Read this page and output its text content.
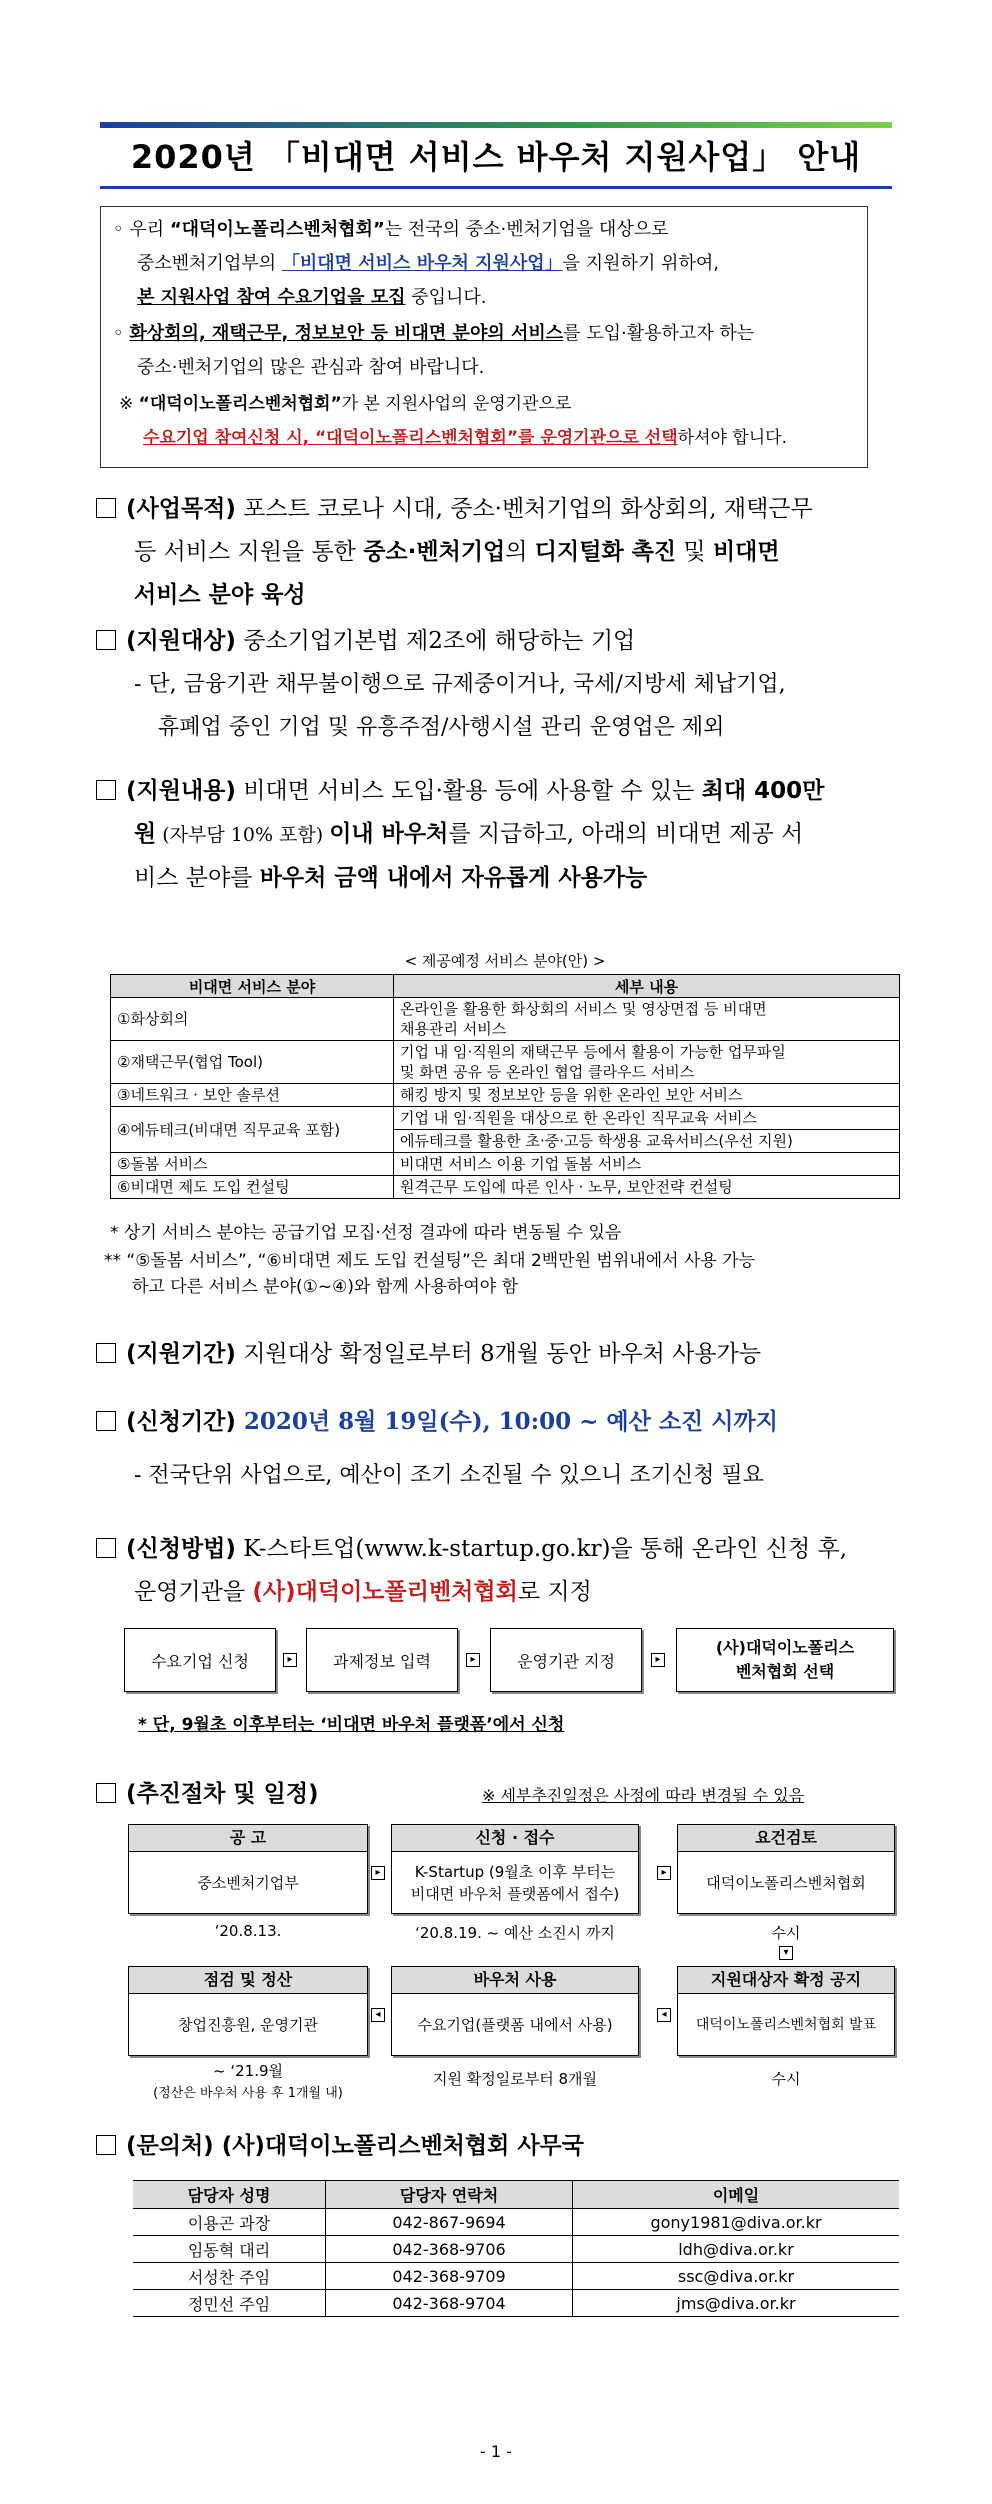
2020년 「비대면 서비스 바우처 지원사업」 안내
◦ 우리 “대덕이노폴리스벤처협회”는 전국의 중소·벤처기업을 대상으로
중소벤처기업부의 「비대면 서비스 바우처 지원사업」을 지원하기 위하여,
본 지원사업 참여 수요기업을 모집 중입니다.
◦ 화상회의, 재택근무, 정보보안 등 비대면 분야의 서비스를 도입·활용하고자 하는
중소·벤처기업의 많은 관심과 참여 바랍니다.
※ “대덕이노폴리스벤처협회”가 본 지원사업의 운영기관으로
수요기업 참여신청 시, “대덕이노폴리스벤처협회”를 운영기관으로 선택하셔야 합니다.
(사업목적) 포스트 코로나 시대, 중소·벤처기업의 화상회의, 재택근무
등 서비스 지원을 통한 중소·벤처기업의 디지털화 촉진 및 비대면
서비스 분야 육성
(지원대상) 중소기업기본법 제2조에 해당하는 기업
- 단, 금융기관 채무불이행으로 규제중이거나, 국세/지방세 체납기업,
휴폐업 중인 기업 및 유흥주점/사행시설 관리 운영업은 제외
(지원내용) 비대면 서비스 도입·활용 등에 사용할 수 있는 최대 400만
원 (자부담 10% 포함) 이내 바우처를 지급하고, 아래의 비대면 제공 서
비스 분야를 바우처 금액 내에서 자유롭게 사용가능
< 제공예정 서비스 분야(안) >
비대면 서비스 분야	세부 내용
①화상회의	온라인을 활용한 화상회의 서비스 및 영상면접 등 비대면
채용관리 서비스

②재택근무(협업 Tool)	기업 내 임·직원의 재택근무 등에서 활용이 가능한 업무파일
및 화면 공유 등 온라인 협업 클라우드 서비스

③네트워크 · 보안 솔루션	해킹 방지 및 정보보안 등을 위한 온라인 보안 서비스
④에듀테크(비대면 직무교육 포함)	기업 내 임·직원을 대상으로 한 온라인 직무교육 서비스
에듀테크를 활용한 초·중·고등 학생용 교육서비스(우선 지원)

⑤돌봄 서비스	비대면 서비스 이용 기업 돌봄 서비스
⑥비대면 제도 도입 컨설팅	원격근무 도입에 따른 인사 · 노무, 보안전략 컨설팅
* 상기 서비스 분야는 공급기업 모집·선정 결과에 따라 변동될 수 있음
** “⑤돌봄 서비스”, “⑥비대면 제도 도입 컨설팅”은 최대 2백만원 범위내에서 사용 가능
하고 다른 서비스 분야(①~④)와 함께 사용하여야 함
(지원기간) 지원대상 확정일로부터 8개월 동안 바우처 사용가능
(신청기간) 2020년 8월 19일(수), 10:00 ~ 예산 소진 시까지
- 전국단위 사업으로, 예산이 조기 소진될 수 있으니 조기신청 필요
(신청방법) K-스타트업(www.k-startup.go.kr)을 통해 온라인 신청 후,
운영기관을 (사)대덕이노폴리벤처협회로 지정
수요기업 신청	▸	과제정보 입력	▸	운영기관 지정	▸
(사)대덕이노폴리스
벤처협회 선택
* 단, 9월초 이후부터는 ‘비대면 바우처 플랫폼’에서 신청
(추진절차 및 일정)	※ 세부추진일정은 사정에 따라 변경될 수 있음
공 고
중소벤처기업부
▸
신청 · 접수
K-Startup (9월초 이후 부터는
비대면 바우처 플랫폼에서 접수)
▸
요건검토
대덕이노폴리스벤처협회
‘20.8.13.	‘20.8.19. ~ 예산 소진시 까지	수시
▾
점검 및 정산
창업진흥원, 운영기관
◂
바우처 사용
수요기업(플랫폼 내에서 사용)
◂
지원대상자 확정 공지
대덕이노폴리스벤처협회 발표
~ ‘21.9월
(정산은 바우처 사용 후 1개월 내)
지원 확정일로부터 8개월	수시
(문의처) (사)대덕이노폴리스벤처협회 사무국
담당자 성명	담당자 연락처	이메일
이용곤 과장	042-867-9694	gony1981@diva.or.kr
임동혁 대리	042-368-9706	ldh@diva.or.kr
서성찬 주임	042-368-9709	ssc@diva.or.kr
정민선 주임	042-368-9704	jms@diva.or.kr
- 1 -
